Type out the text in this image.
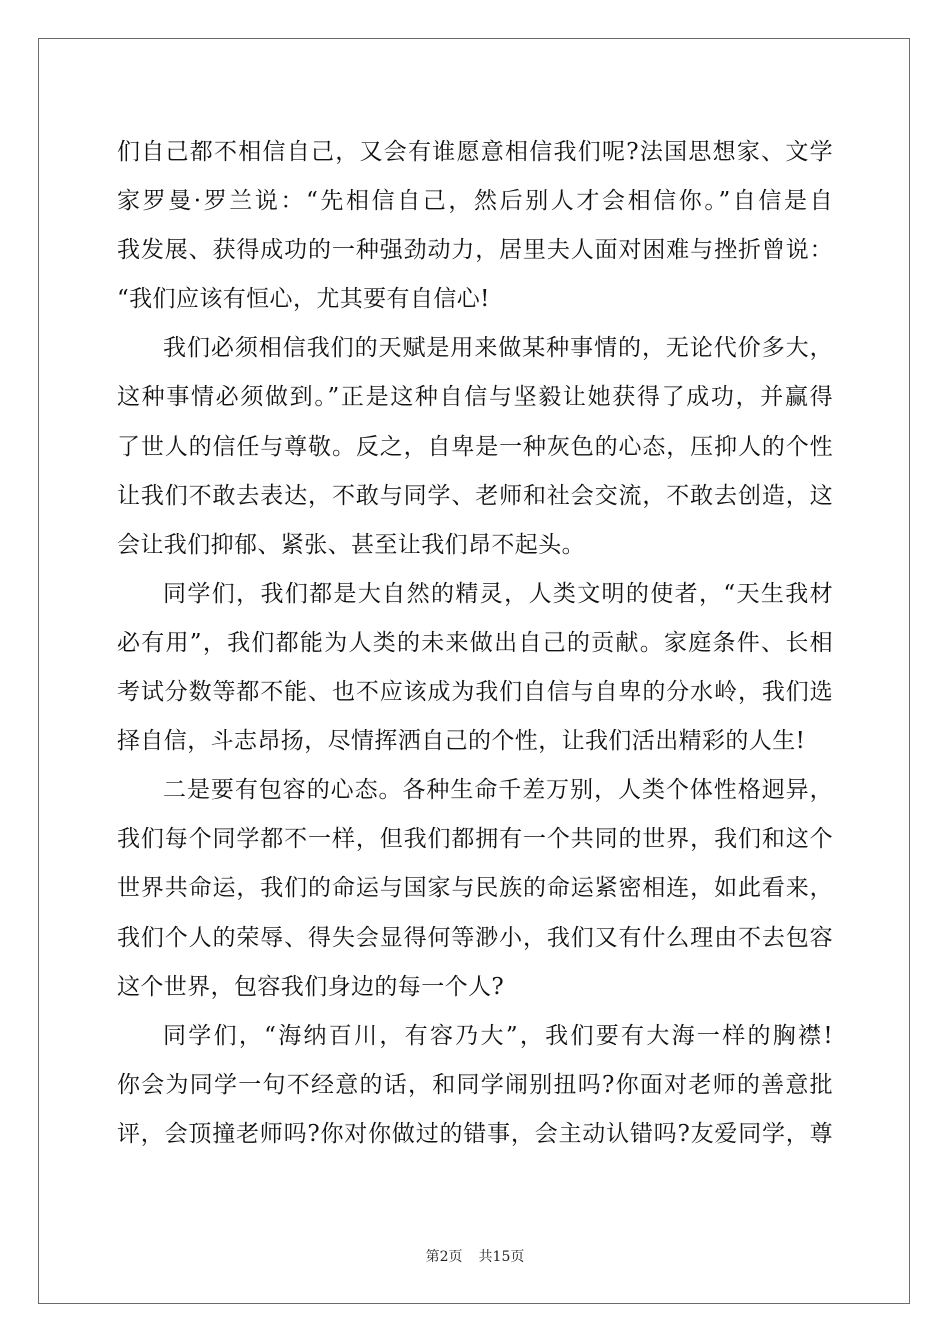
们自己都不相信自己，又会有谁愿意相信我们呢?法国思想家、文学
家罗曼·罗兰说：“先相信自己，然后别人才会相信你。”自信是自
我发展、获得成功的一种强劲动力，居里夫人面对困难与挫折曾说：
“我们应该有恒心，尤其要有自信心!
我们必须相信我们的天赋是用来做某种事情的，无论代价多大，
这种事情必须做到。”正是这种自信与坚毅让她获得了成功，并赢得
了世人的信任与尊敬。反之，自卑是一种灰色的心态，压抑人的个性
让我们不敢去表达，不敢与同学、老师和社会交流，不敢去创造，这
会让我们抑郁、紧张、甚至让我们昂不起头。
同学们，我们都是大自然的精灵，人类文明的使者，“天生我材
必有用”，我们都能为人类的未来做出自己的贡献。家庭条件、长相
考试分数等都不能、也不应该成为我们自信与自卑的分水岭，我们选
择自信，斗志昂扬，尽情挥洒自己的个性，让我们活出精彩的人生!
二是要有包容的心态。各种生命千差万别，人类个体性格迥异，
我们每个同学都不一样，但我们都拥有一个共同的世界，我们和这个
世界共命运，我们的命运与国家与民族的命运紧密相连，如此看来，
我们个人的荣辱、得失会显得何等渺小，我们又有什么理由不去包容
这个世界，包容我们身边的每一个人?
同学们，“海纳百川，有容乃大”，我们要有大海一样的胸襟!
你会为同学一句不经意的话，和同学闹别扭吗?你面对老师的善意批
评，会顶撞老师吗?你对你做过的错事，会主动认错吗?友爱同学，尊
第2页 共15页
